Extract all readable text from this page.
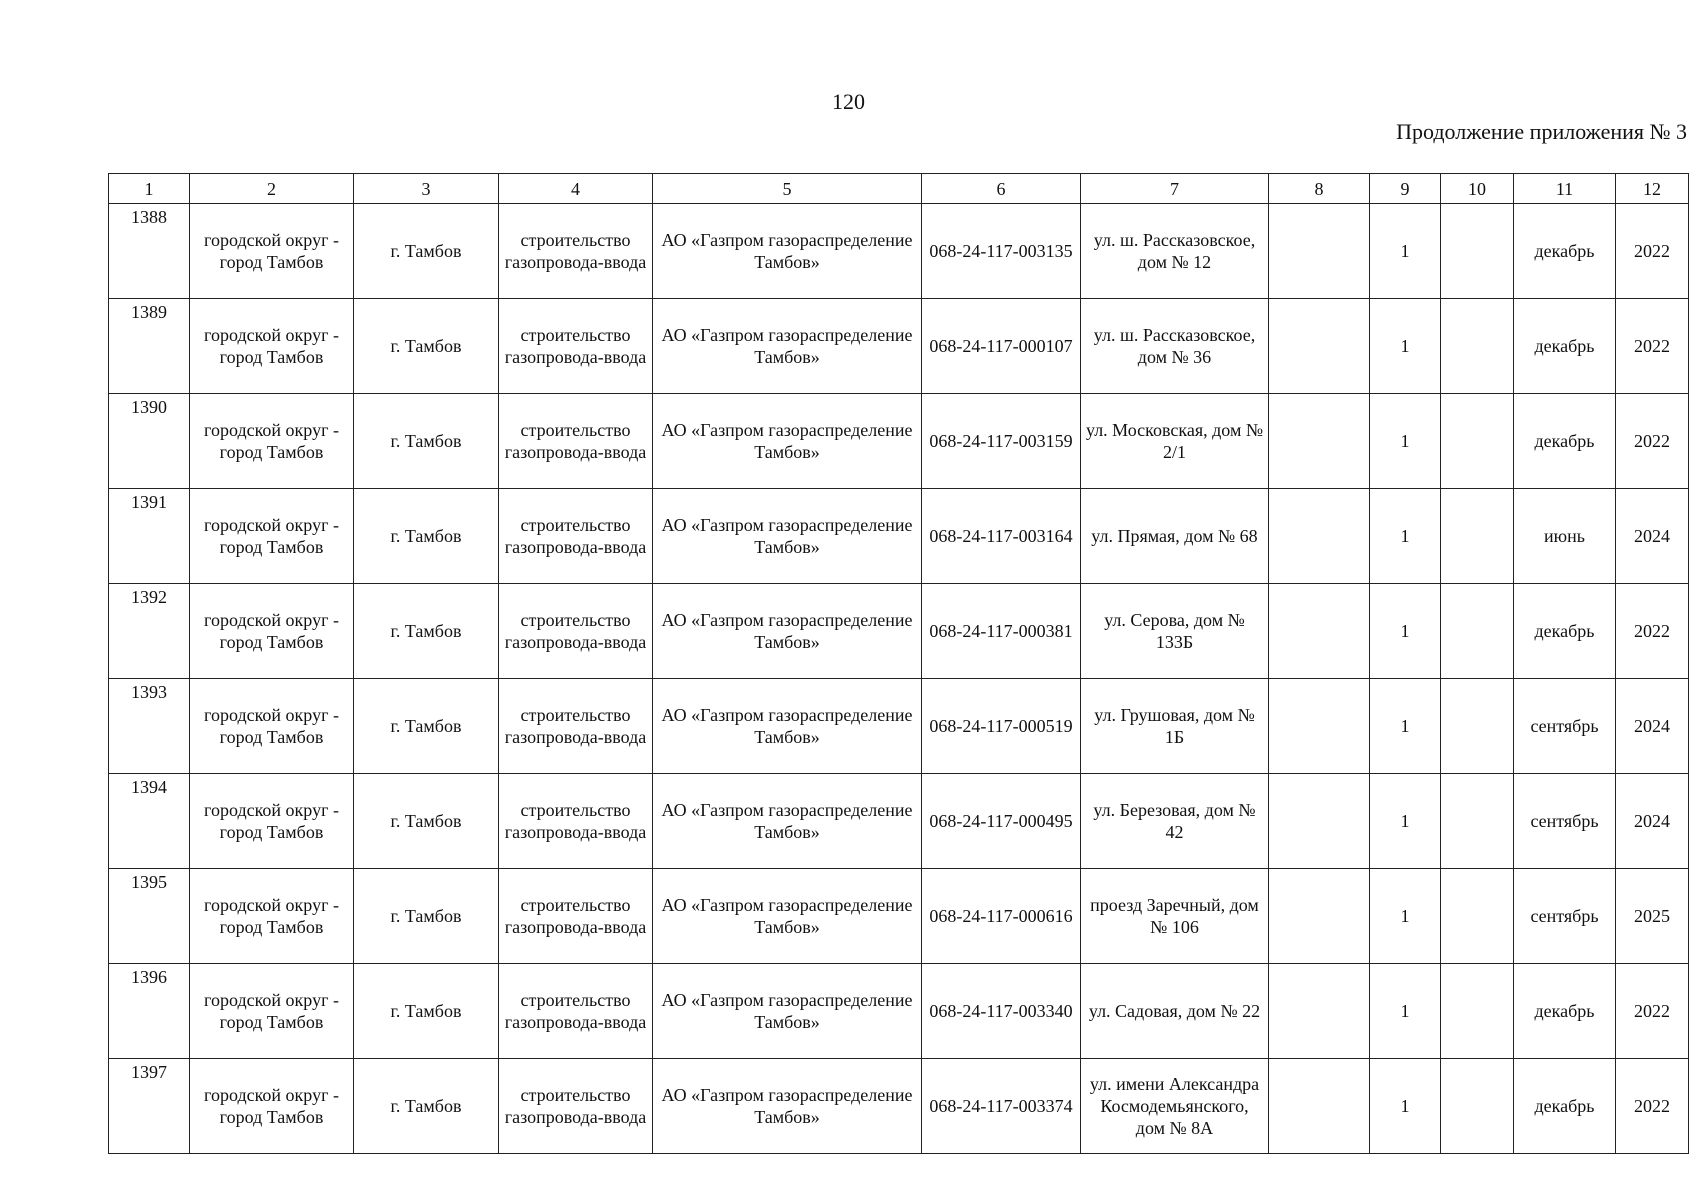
120
Продолжение приложения № 3
1	2	3	4	5	6	7	8	9	10	11	12
1388	городской округ - город Тамбов	г. Тамбов	строительство газопровода-ввода	АО «Газпром газораспределение Тамбов»	068-24-117-003135	ул. ш. Рассказовское, дом № 12		1		декабрь	2022
1389	городской округ - город Тамбов	г. Тамбов	строительство газопровода-ввода	АО «Газпром газораспределение Тамбов»	068-24-117-000107	ул. ш. Рассказовское, дом № 36		1		декабрь	2022
1390	городской округ - город Тамбов	г. Тамбов	строительство газопровода-ввода	АО «Газпром газораспределение Тамбов»	068-24-117-003159	ул. Московская, дом № 2/1		1		декабрь	2022
1391	городской округ - город Тамбов	г. Тамбов	строительство газопровода-ввода	АО «Газпром газораспределение Тамбов»	068-24-117-003164	ул. Прямая, дом № 68		1		июнь	2024
1392	городской округ - город Тамбов	г. Тамбов	строительство газопровода-ввода	АО «Газпром газораспределение Тамбов»	068-24-117-000381	ул. Серова, дом № 133Б		1		декабрь	2022
1393	городской округ - город Тамбов	г. Тамбов	строительство газопровода-ввода	АО «Газпром газораспределение Тамбов»	068-24-117-000519	ул. Грушовая, дом № 1Б		1		сентябрь	2024
1394	городской округ - город Тамбов	г. Тамбов	строительство газопровода-ввода	АО «Газпром газораспределение Тамбов»	068-24-117-000495	ул. Березовая, дом № 42		1		сентябрь	2024
1395	городской округ - город Тамбов	г. Тамбов	строительство газопровода-ввода	АО «Газпром газораспределение Тамбов»	068-24-117-000616	проезд Заречный, дом № 106		1		сентябрь	2025
1396	городской округ - город Тамбов	г. Тамбов	строительство газопровода-ввода	АО «Газпром газораспределение Тамбов»	068-24-117-003340	ул. Садовая, дом № 22		1		декабрь	2022
1397	городской округ - город Тамбов	г. Тамбов	строительство газопровода-ввода	АО «Газпром газораспределение Тамбов»	068-24-117-003374	ул. имени Александра Космодемьянского, дом № 8А		1		декабрь	2022
